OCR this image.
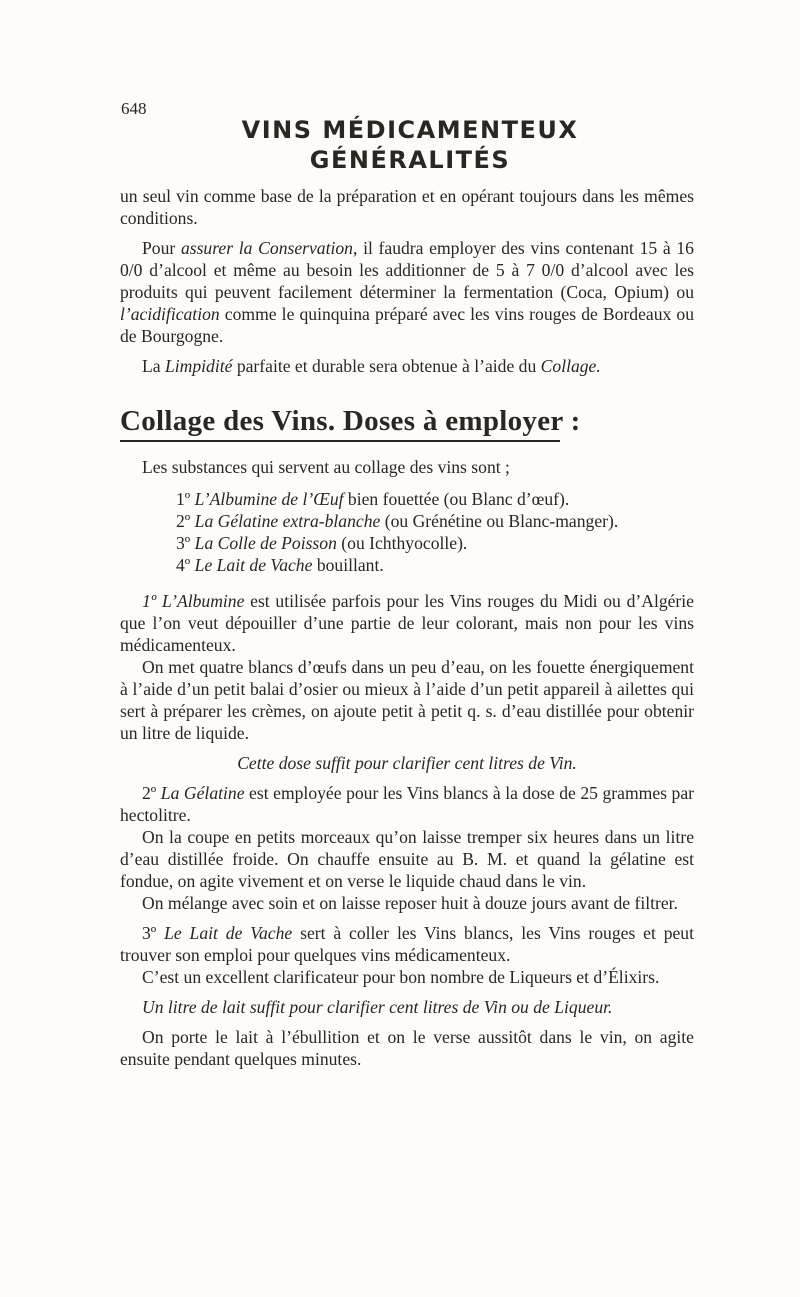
648
VINS MÉDICAMENTEUX
GÉNÉRALITÉS

un seul vin comme base de la préparation et en opérant toujours dans les mêmes conditions.

Pour assurer la Conservation, il faudra employer des vins contenant 15 à 16 0/0 d’alcool et même au besoin les additionner de 5 à 7 0/0 d’alcool avec les produits qui peuvent facilement déterminer la fermentation (Coca, Opium) ou l’acidification comme le quinquina préparé avec les vins rouges de Bordeaux ou de Bourgogne.

La Limpidité parfaite et durable sera obtenue à l’aide du Collage.

Collage des Vins. Doses à employer :

Les substances qui servent au collage des vins sont ;

1º L’Albumine de l’Œuf bien fouettée (ou Blanc d’œuf).
2º La Gélatine extra-blanche (ou Grénétine ou Blanc-manger).
3º La Colle de Poisson (ou Ichthyocolle).
4º Le Lait de Vache bouillant.

1º L’Albumine est utilisée parfois pour les Vins rouges du Midi ou d’Algérie que l’on veut dépouiller d’une partie de leur colorant, mais non pour les vins médicamenteux.

On met quatre blancs d’œufs dans un peu d’eau, on les fouette énergiquement à l’aide d’un petit balai d’osier ou mieux à l’aide d’un petit appareil à ailettes qui sert à préparer les crèmes, on ajoute petit à petit q. s. d’eau distillée pour obtenir un litre de liquide.

Cette dose suffit pour clarifier cent litres de Vin.

2º La Gélatine est employée pour les Vins blancs à la dose de 25 grammes par hectolitre.

On la coupe en petits morceaux qu’on laisse tremper six heures dans un litre d’eau distillée froide. On chauffe ensuite au B. M. et quand la gélatine est fondue, on agite vivement et on verse le liquide chaud dans le vin.

On mélange avec soin et on laisse reposer huit à douze jours avant de filtrer.

3º Le Lait de Vache sert à coller les Vins blancs, les Vins rouges et peut trouver son emploi pour quelques vins médicamenteux.

C’est un excellent clarificateur pour bon nombre de Liqueurs et d’Élixirs.

Un litre de lait suffit pour clarifier cent litres de Vin ou de Liqueur.

On porte le lait à l’ébullition et on le verse aussitôt dans le vin, on agite ensuite pendant quelques minutes.
